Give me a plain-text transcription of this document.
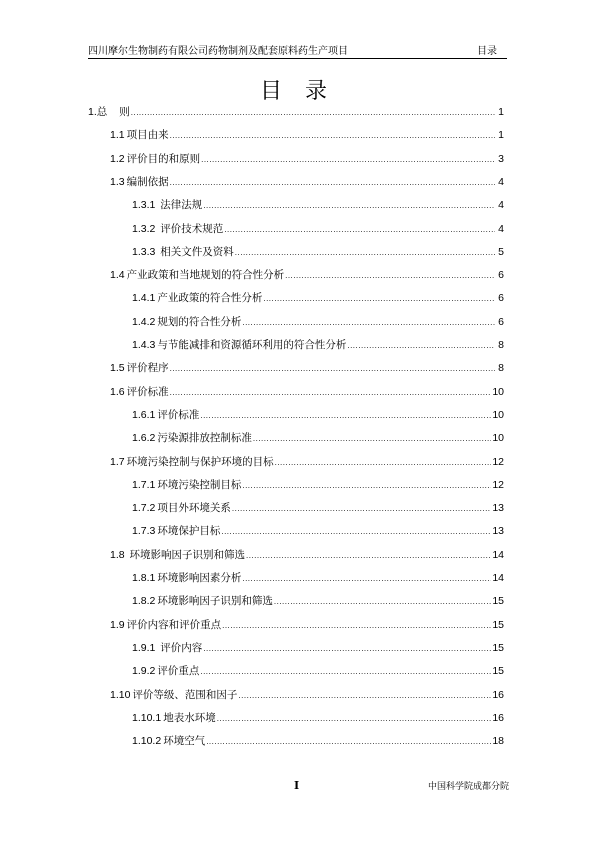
四川摩尔生物制药有限公司药物制剂及配套原料药生产项目	目录
目 录
1.总 则 .....	1
1.1 项目由来 .....	1
1.2 评价目的和原则 .....	3
1.3 编制依据 .....	4
1.3.1 法律法规 .....	4
1.3.2 评价技术规范 .....	4
1.3.3 相关文件及资料 .....	5
1.4 产业政策和当地规划的符合性分析 .....	6
1.4.1 产业政策的符合性分析 .....	6
1.4.2 规划的符合性分析 .....	6
1.4.3 与节能减排和资源循环利用的符合性分析 .....	8
1.5 评价程序 .....	8
1.6 评价标准 .....	10
1.6.1 评价标准 .....	10
1.6.2 污染源排放控制标准 .....	10
1.7 环境污染控制与保护环境的目标 .....	12
1.7.1 环境污染控制目标 .....	12
1.7.2 项目外环境关系 .....	13
1.7.3 环境保护目标 .....	13
1.8 环境影响因子识别和筛选 .....	14
1.8.1 环境影响因素分析 .....	14
1.8.2 环境影响因子识别和筛选 .....	15
1.9 评价内容和评价重点 .....	15
1.9.1 评价内容 .....	15
1.9.2 评价重点 .....	15
1.10 评价等级、范围和因子 .....	16
1.10.1 地表水环境 .....	16
1.10.2 环境空气 .....	18
I	中国科学院成都分院
